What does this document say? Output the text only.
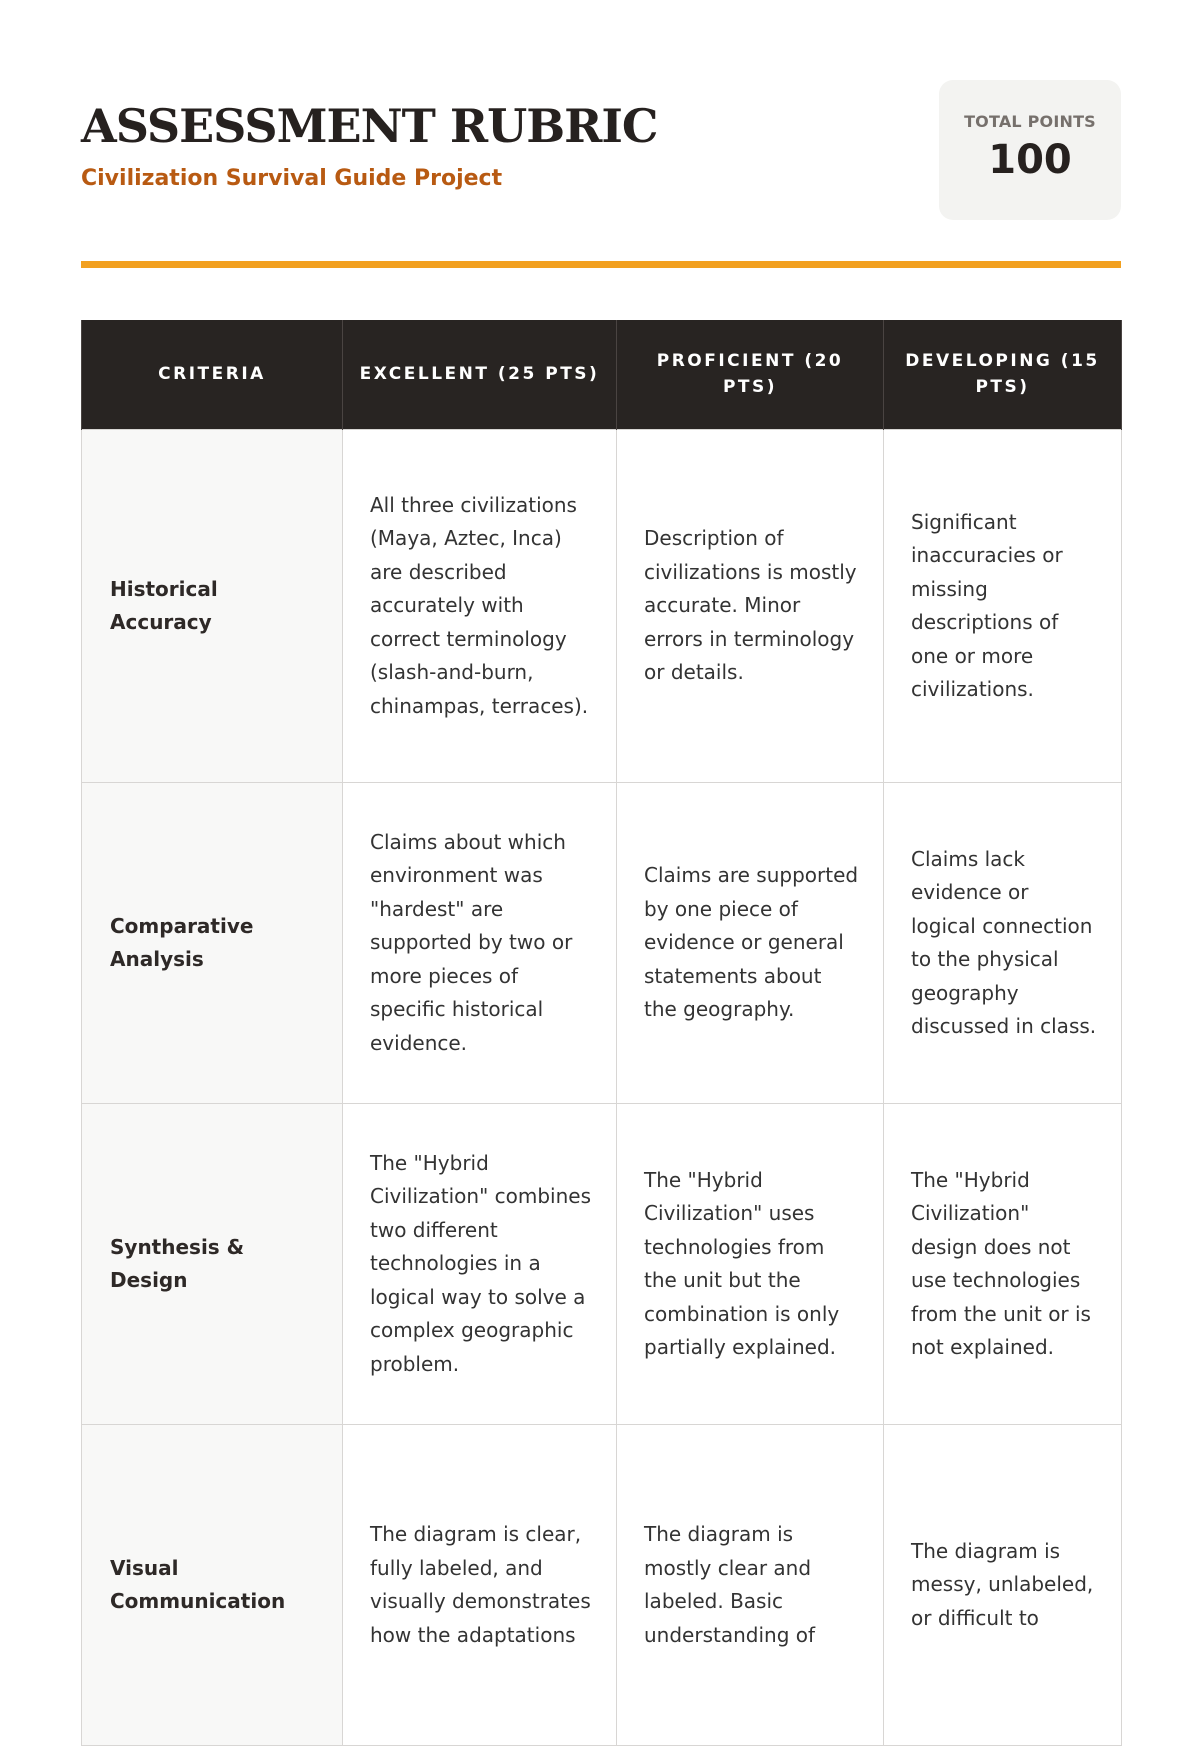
ASSESSMENT RUBRIC
Civilization Survival Guide Project
TOTAL POINTS
100
CRITERIA	EXCELLENT (25 PTS)	PROFICIENT (20 PTS)	DEVELOPING (15 PTS)
Historical Accuracy	All three civilizations (Maya, Aztec, Inca) are described accurately with correct terminology (slash-and-burn, chinampas, terraces).	Description of civilizations is mostly accurate. Minor errors in terminology or details.	Significant inaccuracies or missing descriptions of one or more civilizations.
Comparative Analysis	Claims about which environment was "hardest" are supported by two or more pieces of specific historical evidence.	Claims are supported by one piece of evidence or general statements about the geography.	Claims lack evidence or logical connection to the physical geography discussed in class.
Synthesis & Design	The "Hybrid Civilization" combines two different technologies in a logical way to solve a complex geographic problem.	The "Hybrid Civilization" uses technologies from the unit but the combination is only partially explained.	The "Hybrid Civilization" design does not use technologies from the unit or is not explained.
Visual Communication	The diagram is clear, fully labeled, and visually demonstrates how the adaptations	The diagram is mostly clear and labeled. Basic understanding of	The diagram is messy, unlabeled, or difficult to
